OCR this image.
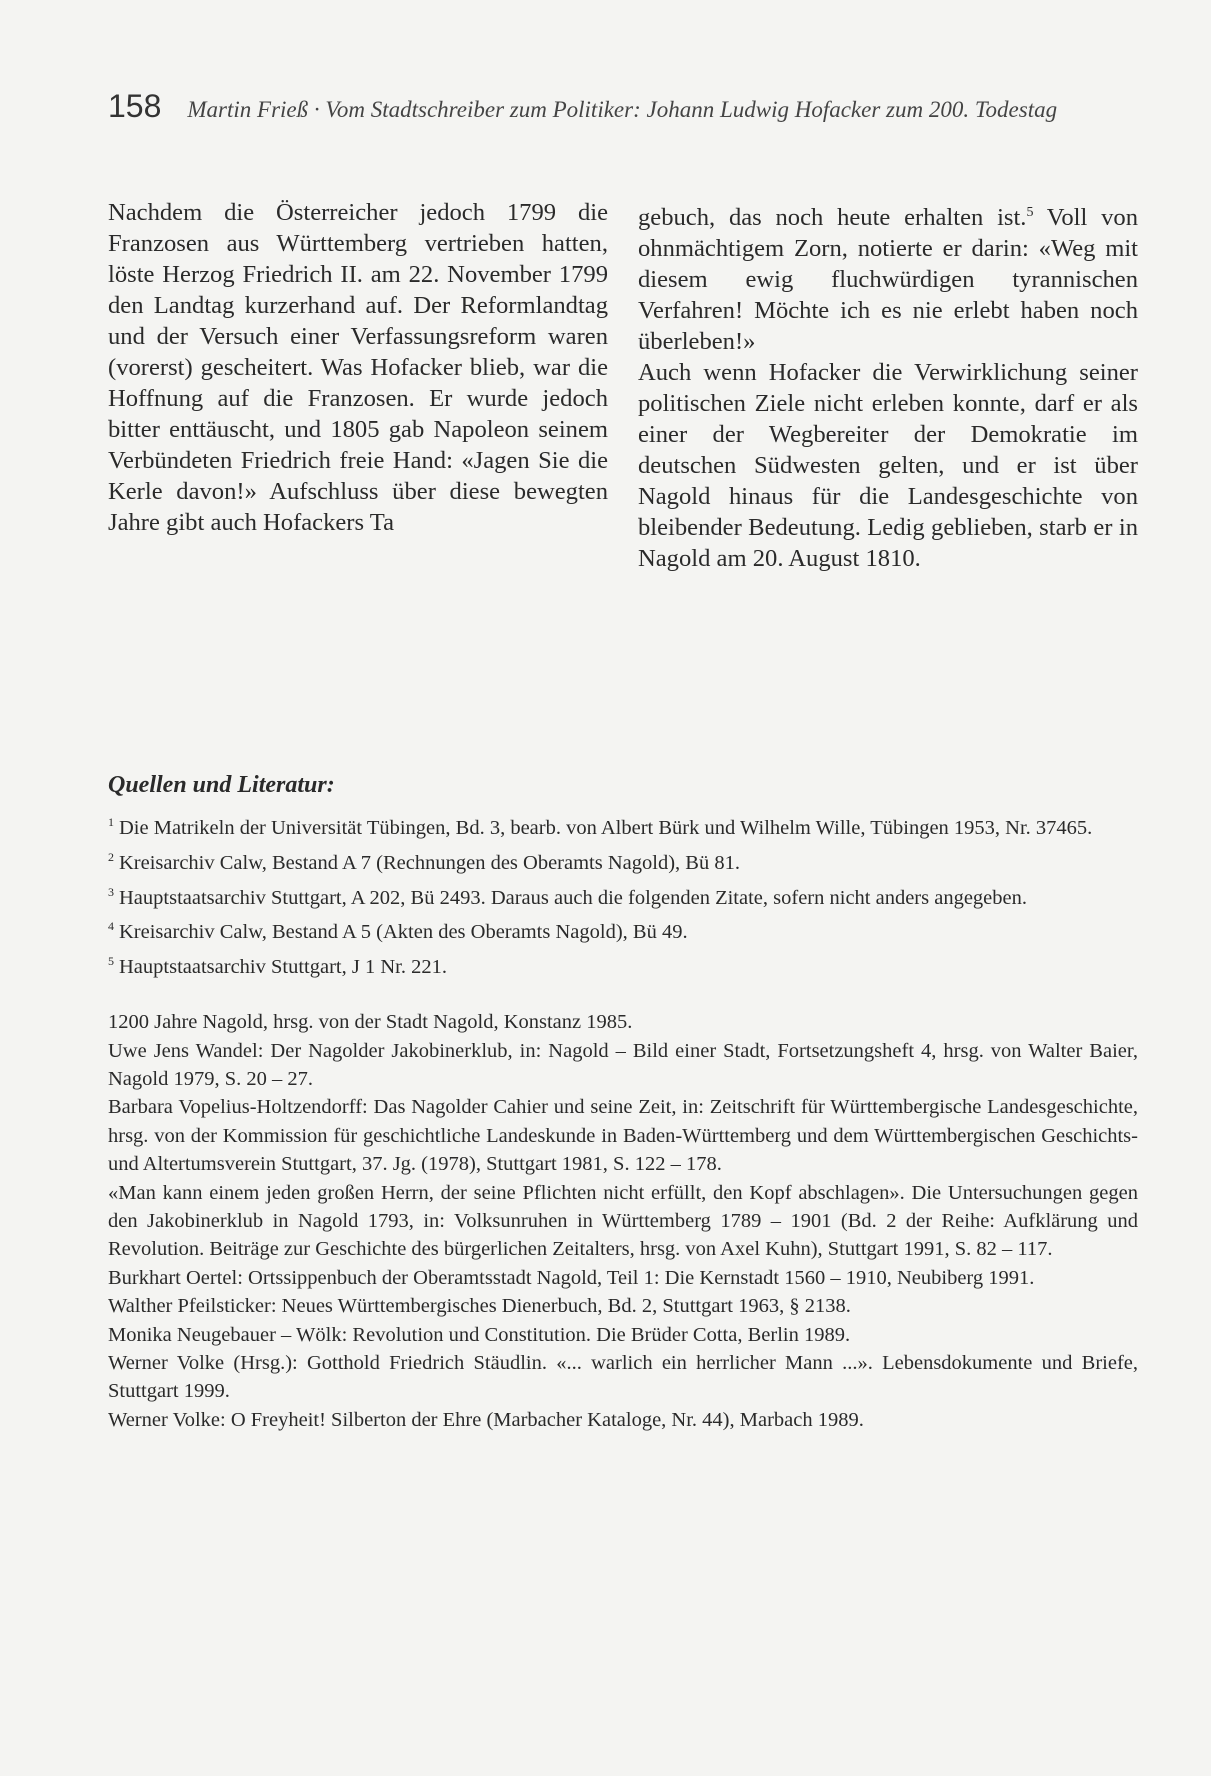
158 Martin Frieß · Vom Stadtschreiber zum Politiker: Johann Ludwig Hofacker zum 200. Todestag

Nachdem die Österreicher jedoch 1799 die Franzosen aus Württemberg vertrieben hatten, löste Herzog Friedrich II. am 22. November 1799 den Landtag kurzerhand auf. Der Reformlandtag und der Versuch einer Verfassungsreform waren (vorerst) gescheitert. Was Hofacker blieb, war die Hoffnung auf die Franzosen. Er wurde jedoch bitter enttäuscht, und 1805 gab Napoleon seinem Verbündeten Friedrich freie Hand: «Jagen Sie die Kerle davon!» Aufschluss über diese bewegten Jahre gibt auch Hofackers Ta

gebuch, das noch heute erhalten ist.$^5$ Voll von ohnmächtigem Zorn, notierte er darin: «Weg mit diesem ewig fluchwürdigen tyrannischen Verfahren! Möchte ich es nie erlebt haben noch überleben!»

Auch wenn Hofacker die Verwirklichung seiner politischen Ziele nicht erleben konnte, darf er als einer der Wegbereiter der Demokratie im deutschen Südwesten gelten, und er ist über Nagold hinaus für die Landesgeschichte von bleibender Bedeutung. Ledig geblieben, starb er in Nagold am 20. August 1810.

Quellen und Literatur:
$^1$ Die Matrikeln der Universität Tübingen, Bd. 3, bearb. von Albert Bürk und Wilhelm Wille, Tübingen 1953, Nr. 37465.
$^2$ Kreisarchiv Calw, Bestand A 7 (Rechnungen des Oberamts Nagold), Bü 81.
$^3$ Hauptstaatsarchiv Stuttgart, A 202, Bü 2493. Daraus auch die folgenden Zitate, sofern nicht anders angegeben.
$^4$ Kreisarchiv Calw, Bestand A 5 (Akten des Oberamts Nagold), Bü 49.
$^5$ Hauptstaatsarchiv Stuttgart, J 1 Nr. 221.

1200 Jahre Nagold, hrsg. von der Stadt Nagold, Konstanz 1985.

Uwe Jens Wandel: Der Nagolder Jakobinerklub, in: Nagold – Bild einer Stadt, Fortsetzungsheft 4, hrsg. von Walter Baier, Nagold 1979, S. 20 – 27.

Barbara Vopelius-Holtzendorff: Das Nagolder Cahier und seine Zeit, in: Zeitschrift für Württembergische Landesgeschichte, hrsg. von der Kommission für geschichtliche Landeskunde in Baden-Württemberg und dem Württembergischen Geschichts- und Altertumsverein Stuttgart, 37. Jg. (1978), Stuttgart 1981, S. 122 – 178.

«Man kann einem jeden großen Herrn, der seine Pflichten nicht erfüllt, den Kopf abschlagen». Die Untersuchungen gegen den Jakobinerklub in Nagold 1793, in: Volksunruhen in Württemberg 1789 – 1901 (Bd. 2 der Reihe: Aufklärung und Revolution. Beiträge zur Geschichte des bürgerlichen Zeitalters, hrsg. von Axel Kuhn), Stuttgart 1991, S. 82 – 117.

Burkhart Oertel: Ortssippenbuch der Oberamtsstadt Nagold, Teil 1: Die Kernstadt 1560 – 1910, Neubiberg 1991.

Walther Pfeilsticker: Neues Württembergisches Dienerbuch, Bd. 2, Stuttgart 1963, § 2138.

Monika Neugebauer – Wölk: Revolution und Constitution. Die Brüder Cotta, Berlin 1989.

Werner Volke (Hrsg.): Gotthold Friedrich Stäudlin. «... warlich ein herrlicher Mann ...». Lebensdokumente und Briefe, Stuttgart 1999.

Werner Volke: O Freyheit! Silberton der Ehre (Marbacher Kataloge, Nr. 44), Marbach 1989.
